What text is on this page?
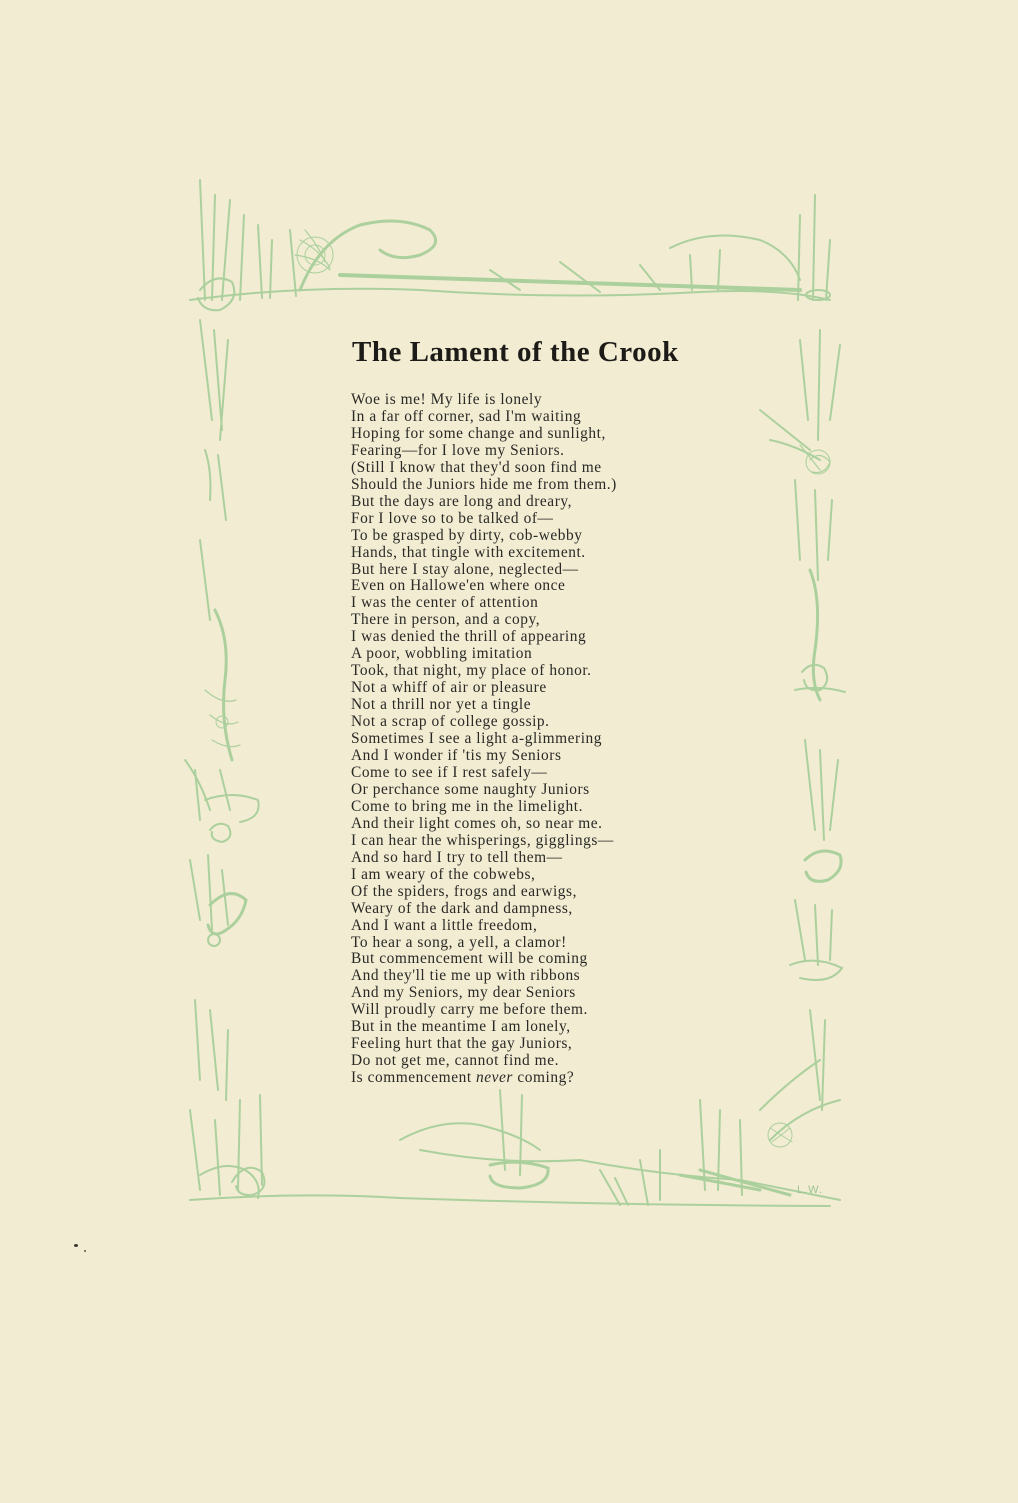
The Lament of the Crook
Woe is me! My life is lonely
In a far off corner, sad I'm waiting
Hoping for some change and sunlight,
Fearing—for I love my Seniors.
(Still I know that they'd soon find me
Should the Juniors hide me from them.)
But the days are long and dreary,
For I love so to be talked of—
To be grasped by dirty, cob-webby
Hands, that tingle with excitement.
But here I stay alone, neglected—
Even on Hallowe'en where once
I was the center of attention
There in person, and a copy,
I was denied the thrill of appearing
A poor, wobbling imitation
Took, that night, my place of honor.
Not a whiff of air or pleasure
Not a thrill nor yet a tingle
Not a scrap of college gossip.
Sometimes I see a light a-glimmering
And I wonder if 'tis my Seniors
Come to see if I rest safely—
Or perchance some naughty Juniors
Come to bring me in the limelight.
And their light comes oh, so near me.
I can hear the whisperings, gigglings—
And so hard I try to tell them—
I am weary of the cobwebs,
Of the spiders, frogs and earwigs,
Weary of the dark and dampness,
And I want a little freedom,
To hear a song, a yell, a clamor!
But commencement will be coming
And they'll tie me up with ribbons
And my Seniors, my dear Seniors
Will proudly carry me before them.
But in the meantime I am lonely,
Feeling hurt that the gay Juniors,
Do not get me, cannot find me.
Is commencement never coming?
L.W.
